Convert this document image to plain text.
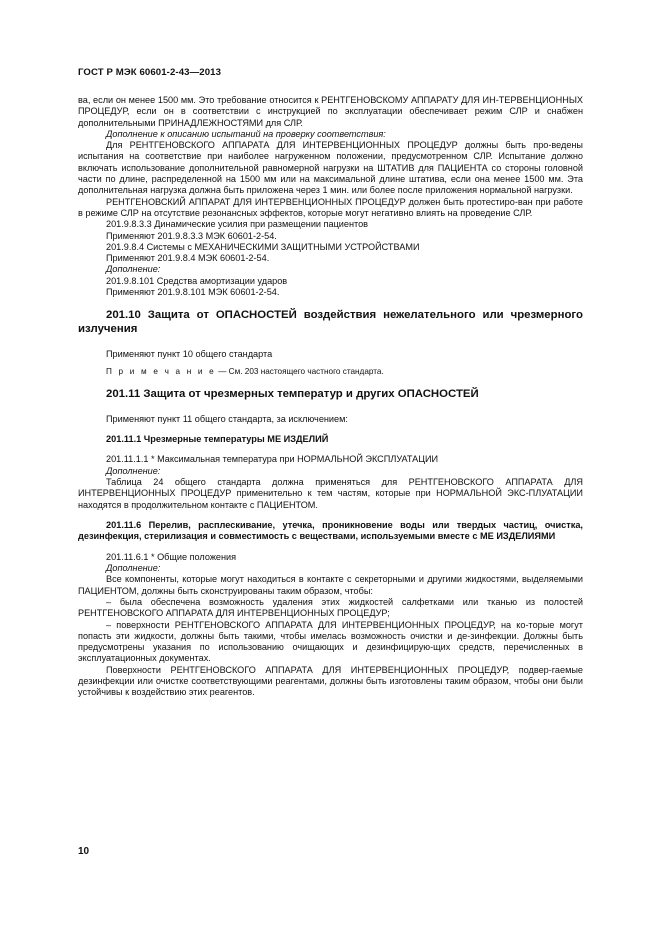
ГОСТ Р МЭК 60601-2-43—2013

ва, если он менее 1500 мм. Это требование относится к РЕНТГЕНОВСКОМУ АППАРАТУ ДЛЯ ИН-ТЕРВЕНЦИОННЫХ ПРОЦЕДУР, если он в соответствии с инструкцией по эксплуатации обеспечивает режим СЛР и снабжен дополнительными ПРИНАДЛЕЖНОСТЯМИ для СЛР.

Дополнение к описанию испытаний на проверку соответствия:

Для РЕНТГЕНОВСКОГО АППАРАТА ДЛЯ ИНТЕРВЕНЦИОННЫХ ПРОЦЕДУР должны быть про-ведены испытания на соответствие при наиболее нагруженном положении, предусмотренном СЛР. Испытание должно включать использование дополнительной равномерной нагрузки на ШТАТИВ для ПАЦИЕНТА со стороны головной части по длине, распределенной на 1500 мм или на максимальной длине штатива, если она менее 1500 мм. Эта дополнительная нагрузка должна быть приложена через 1 мин. или более после приложения нормальной нагрузки.

РЕНТГЕНОВСКИЙ АППАРАТ ДЛЯ ИНТЕРВЕНЦИОННЫХ ПРОЦЕДУР должен быть протестиро-ван при работе в режиме СЛР на отсутствие резонансных эффектов, которые могут негативно влиять на проведение СЛР.

201.9.8.3.3 Динамические усилия при размещении пациентов

Применяют 201.9.8.3.3 МЭК 60601-2-54.

201.9.8.4 Системы с МЕХАНИЧЕСКИМИ ЗАЩИТНЫМИ УСТРОЙСТВАМИ

Применяют 201.9.8.4 МЭК 60601-2-54.

Дополнение:

201.9.8.101 Средства амортизации ударов

Применяют 201.9.8.101 МЭК 60601-2-54.

201.10 Защита от ОПАСНОСТЕЙ воздействия нежелательного или чрезмерного излучения

Применяют пункт 10 общего стандарта

П р и м е ч а н и е — См. 203 настоящего частного стандарта.

201.11 Защита от чрезмерных температур и других ОПАСНОСТЕЙ

Применяют пункт 11 общего стандарта, за исключением:

201.11.1 Чрезмерные температуры МЕ ИЗДЕЛИЙ

201.11.1.1 * Максимальная температура при НОРМАЛЬНОЙ ЭКСПЛУАТАЦИИ

Дополнение:

Таблица 24 общего стандарта должна применяться для РЕНТГЕНОВСКОГО АППАРАТА ДЛЯ ИНТЕРВЕНЦИОННЫХ ПРОЦЕДУР применительно к тем частям, которые при НОРМАЛЬНОЙ ЭКС-ПЛУАТАЦИИ находятся в продолжительном контакте с ПАЦИЕНТОМ.

201.11.6 Перелив, расплескивание, утечка, проникновение воды или твердых частиц, очистка, дезинфекция, стерилизация и совместимость с веществами, используемыми вместе с МЕ ИЗДЕЛИЯМИ

201.11.6.1 * Общие положения

Дополнение:

Все компоненты, которые могут находиться в контакте с секреторными и другими жидкостями, выделяемыми ПАЦИЕНТОМ, должны быть сконструированы таким образом, чтобы:

– была обеспечена возможность удаления этих жидкостей салфетками или тканью из полостей РЕНТГЕНОВСКОГО АППАРАТА ДЛЯ ИНТЕРВЕНЦИОННЫХ ПРОЦЕДУР;

– поверхности РЕНТГЕНОВСКОГО АППАРАТА ДЛЯ ИНТЕРВЕНЦИОННЫХ ПРОЦЕДУР, на ко-торые могут попасть эти жидкости, должны быть такими, чтобы имелась возможность очистки и де-зинфекции. Должны быть предусмотрены указания по использованию очищающих и дезинфицирую-щих средств, перечисленных в эксплуатационных документах.

Поверхности РЕНТГЕНОВСКОГО АППАРАТА ДЛЯ ИНТЕРВЕНЦИОННЫХ ПРОЦЕДУР, подвер-гаемые дезинфекции или очистке соответствующими реагентами, должны быть изготовлены таким образом, чтобы они были устойчивы к воздействию этих реагентов.

10
